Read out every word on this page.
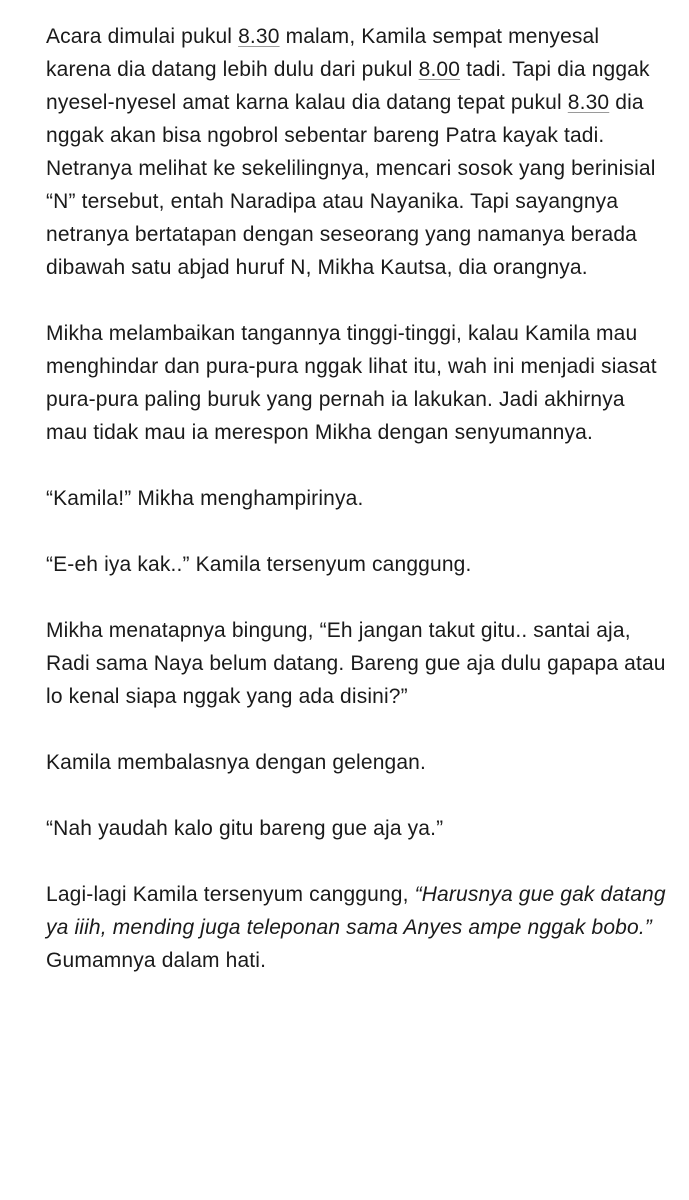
Acara dimulai pukul 8.30 malam, Kamila sempat menyesal karena dia datang lebih dulu dari pukul 8.00 tadi. Tapi dia nggak nyesel-nyesel amat karna kalau dia datang tepat pukul 8.30 dia nggak akan bisa ngobrol sebentar bareng Patra kayak tadi. Netranya melihat ke sekelilingnya, mencari sosok yang berinisial “N” tersebut, entah Naradipa atau Nayanika. Tapi sayangnya netranya bertatapan dengan seseorang yang namanya berada dibawah satu abjad huruf N, Mikha Kautsa, dia orangnya.

Mikha melambaikan tangannya tinggi-tinggi, kalau Kamila mau menghindar dan pura-pura nggak lihat itu, wah ini menjadi siasat pura-pura paling buruk yang pernah ia lakukan. Jadi akhirnya mau tidak mau ia merespon Mikha dengan senyumannya.

“Kamila!” Mikha menghampirinya.

“E-eh iya kak..” Kamila tersenyum canggung.

Mikha menatapnya bingung, “Eh jangan takut gitu.. santai aja, Radi sama Naya belum datang. Bareng gue aja dulu gapapa atau lo kenal siapa nggak yang ada disini?”

Kamila membalasnya dengan gelengan.

“Nah yaudah kalo gitu bareng gue aja ya.”

Lagi-lagi Kamila tersenyum canggung, “Harusnya gue gak datang ya iiih, mending juga teleponan sama Anyes ampe nggak bobo.” Gumamnya dalam hati.
